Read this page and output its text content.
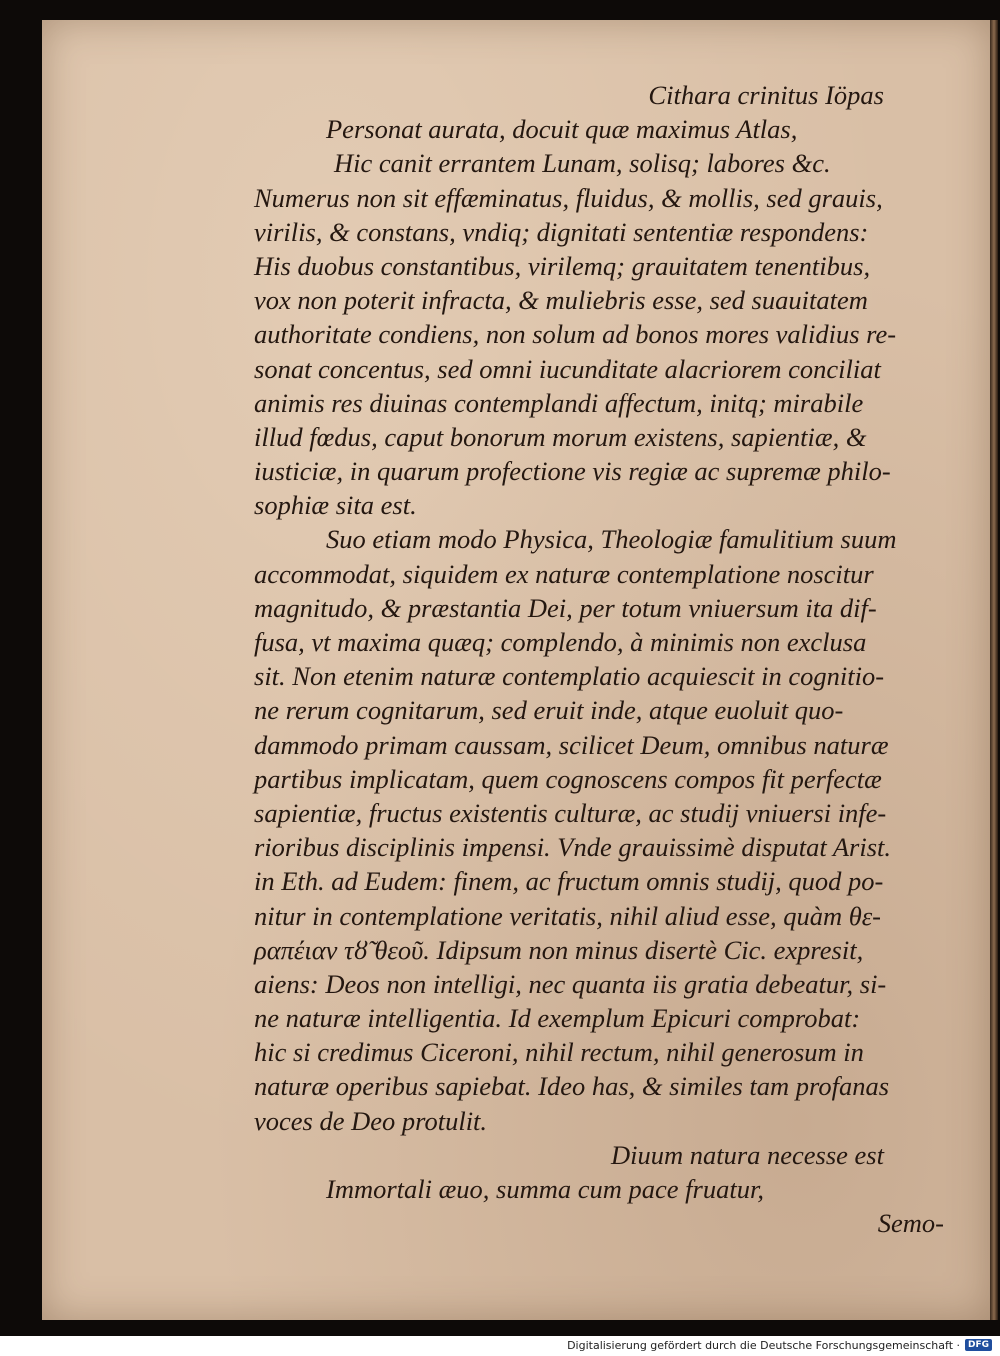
Cithara crinitus Iöpas
Personat aurata, docuit quæ maximus Atlas,
Hic canit errantem Lunam, solisq; labores &c.
Numerus non sit effæminatus, fluidus, & mollis, sed grauis,
virilis, & constans, vndiq; dignitati sententiæ respondens:
His duobus constantibus, virilemq; grauitatem tenentibus,
vox non poterit infracta, & muliebris esse, sed suauitatem
authoritate condiens, non solum ad bonos mores validius re-
sonat concentus, sed omni iucunditate alacriorem conciliat
animis res diuinas contemplandi affectum, initq; mirabile
illud fœdus, caput bonorum morum existens, sapientiæ, &
iusticiæ, in quarum profectione vis regiæ ac supremæ philo-
sophiæ sita est.
Suo etiam modo Physica, Theologiæ famulitium suum
accommodat, siquidem ex naturæ contemplatione noscitur
magnitudo, & præstantia Dei, per totum vniuersum ita dif-
fusa, vt maxima quæq; complendo, à minimis non exclusa
sit. Non etenim naturæ contemplatio acquiescit in cognitio-
ne rerum cognitarum, sed eruit inde, atque euoluit quo-
dammodo primam caussam, scilicet Deum, omnibus naturæ
partibus implicatam, quem cognoscens compos fit perfectæ
sapientiæ, fructus existentis culturæ, ac studij vniuersi infe-
rioribus disciplinis impensi. Vnde grauissimè disputat Arist.
in Eth. ad Eudem: finem, ac fructum omnis studij, quod po-
nitur in contemplatione veritatis, nihil aliud esse, quàm θε-
ραπέιαν τȣ̃ θεοῦ. Idipsum non minus disertè Cic. expresit,
aiens: Deos non intelligi, nec quanta iis gratia debeatur, si-
ne naturæ intelligentia. Id exemplum Epicuri comprobat:
hic si credimus Ciceroni, nihil rectum, nihil generosum in
naturæ operibus sapiebat. Ideo has, & similes tam profanas
voces de Deo protulit.
Diuum natura necesse est
Immortali æuo, summa cum pace fruatur,
Semo-
Digitalisierung gefördert durch die Deutsche Forschungsgemeinschaft · DFG
